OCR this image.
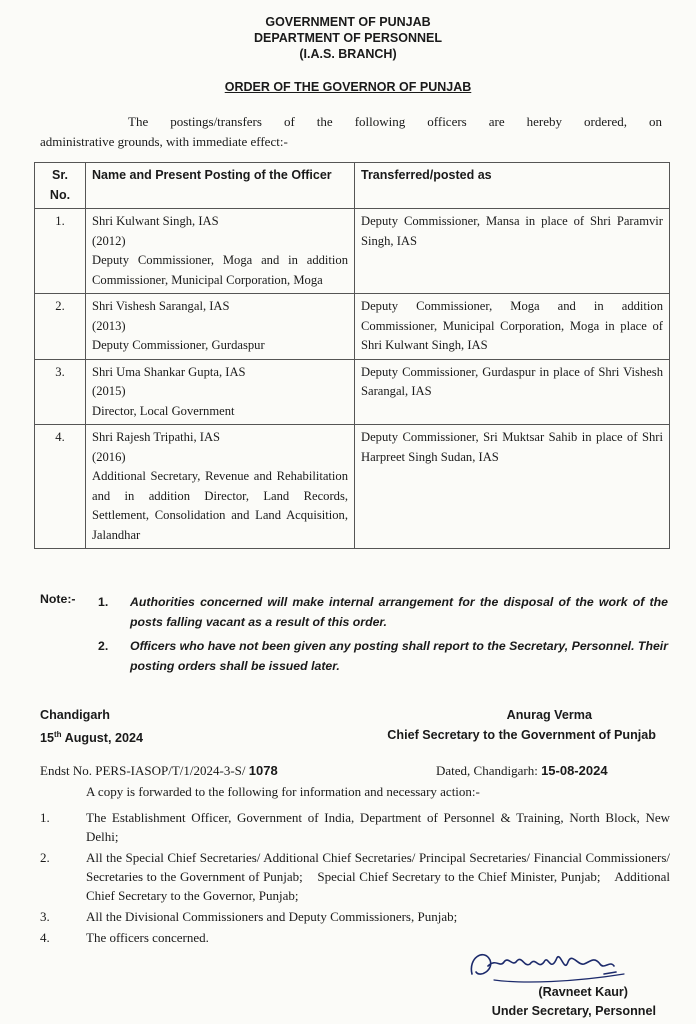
GOVERNMENT OF PUNJAB
DEPARTMENT OF PERSONNEL
(I.A.S. BRANCH)
ORDER OF THE GOVERNOR OF PUNJAB
The postings/transfers of the following officers are hereby ordered, on
administrative grounds, with immediate effect:-
Sr.
No.	Name and Present Posting of the Officer	Transferred/posted as
1.	Shri Kulwant Singh, IAS
(2012)
Deputy Commissioner, Moga and in addition Commissioner, Municipal Corporation, Moga	Deputy Commissioner, Mansa in place of Shri Paramvir Singh, IAS
2.	Shri Vishesh Sarangal, IAS
(2013)
Deputy Commissioner, Gurdaspur	Deputy Commissioner, Moga and in addition Commissioner, Municipal Corporation, Moga in place of Shri Kulwant Singh, IAS
3.	Shri Uma Shankar Gupta, IAS
(2015)
Director, Local Government	Deputy Commissioner, Gurdaspur in place of Shri Vishesh Sarangal, IAS
4.	Shri Rajesh Tripathi, IAS
(2016)
Additional Secretary, Revenue and Rehabilitation and in addition Director, Land Records, Settlement, Consolidation and Land Acquisition, Jalandhar	Deputy Commissioner, Sri Muktsar Sahib in place of Shri Harpreet Singh Sudan, IAS
Note:- 1. Authorities concerned will make internal arrangement for the disposal of the work of the posts falling vacant as a result of this order.
2. Officers who have not been given any posting shall report to the Secretary, Personnel. Their posting orders shall be issued later.
Chandigarh
15th August, 2024
Anurag Verma
Chief Secretary to the Government of Punjab
Endst No. PERS-IASOP/T/1/2024-3-S/ 1078	Dated, Chandigarh: 15-08-2024
A copy is forwarded to the following for information and necessary action:-
1.	The Establishment Officer, Government of India, Department of Personnel & Training, North Block, New Delhi;
2.	All the Special Chief Secretaries/ Additional Chief Secretaries/ Principal Secretaries/ Financial Commissioners/ Secretaries to the Government of Punjab;    Special Chief Secretary to the Chief Minister, Punjab;    Additional Chief Secretary to the Governor, Punjab;
3.	All the Divisional Commissioners and Deputy Commissioners, Punjab;
4.	The officers concerned.
(Ravneet Kaur)
Under Secretary, Personnel
